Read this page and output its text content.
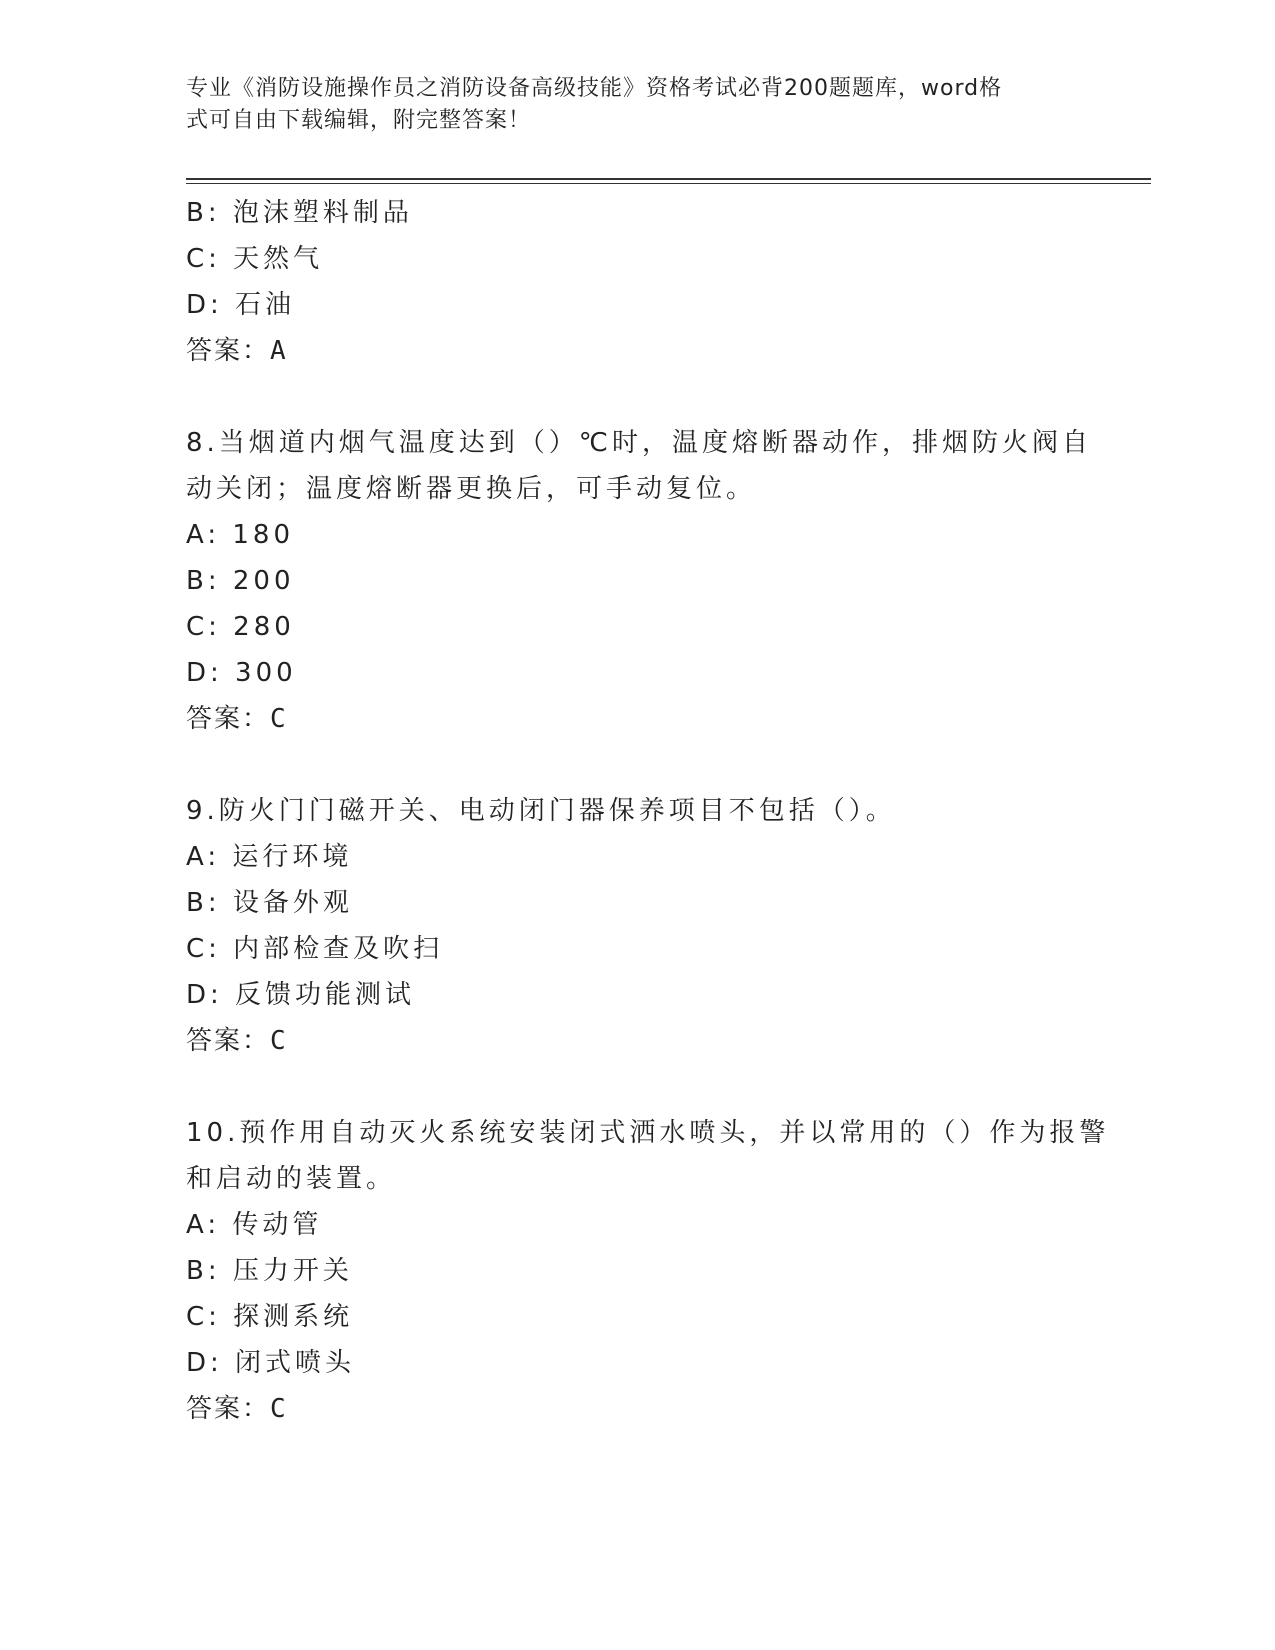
专业《消防设施操作员之消防设备高级技能》资格考试必背200题题库，word格
式可自由下载编辑，附完整答案！
B: 泡沫塑料制品
C: 天然气
D: 石油
答案：A
8.当烟道内烟气温度达到（）℃时，温度熔断器动作，排烟防火阀自
动关闭；温度熔断器更换后，可手动复位。
A: 180
B: 200
C: 280
D: 300
答案：C
9.防火门门磁开关、电动闭门器保养项目不包括（）。
A: 运行环境
B: 设备外观
C: 内部检查及吹扫
D: 反馈功能测试
答案：C
10.预作用自动灭火系统安装闭式洒水喷头，并以常用的（）作为报警
和启动的装置。
A: 传动管
B: 压力开关
C: 探测系统
D: 闭式喷头
答案：C
